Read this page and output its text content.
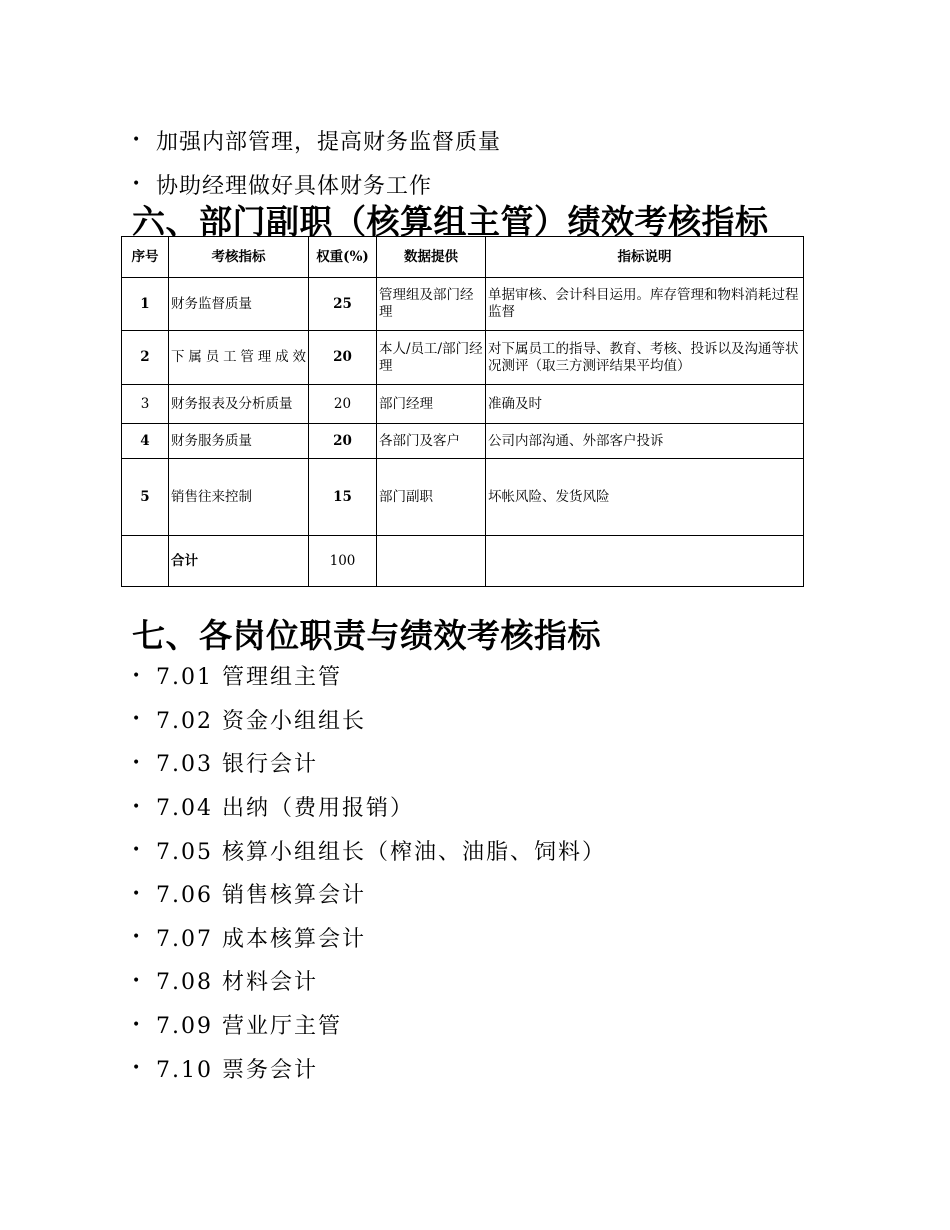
• 加强内部管理，提高财务监督质量
• 协助经理做好具体财务工作
六、部门副职（核算组主管）绩效考核指标
序号	考核指标	权重(%)	数据提供	指标说明
1	财务监督质量	25	管理组及部门经理	单据审核、会计科目运用。库存管理和物料消耗过程监督
2	下属员工管理成效	20	本人/员工/部门经理	对下属员工的指导、教育、考核、投诉以及沟通等状况测评（取三方测评结果平均值）
3	财务报表及分析质量	20	部门经理	准确及时
4	财务服务质量	20	各部门及客户	公司内部沟通、外部客户投诉
5	销售往来控制	15	部门副职	坏帐风险、发货风险
	合计	100		
七、各岗位职责与绩效考核指标
• 7.01 管理组主管
• 7.02 资金小组组长
• 7.03 银行会计
• 7.04 出纳（费用报销）
• 7.05 核算小组组长（榨油、油脂、饲料）
• 7.06 销售核算会计
• 7.07 成本核算会计
• 7.08 材料会计
• 7.09 营业厅主管
• 7.10 票务会计
